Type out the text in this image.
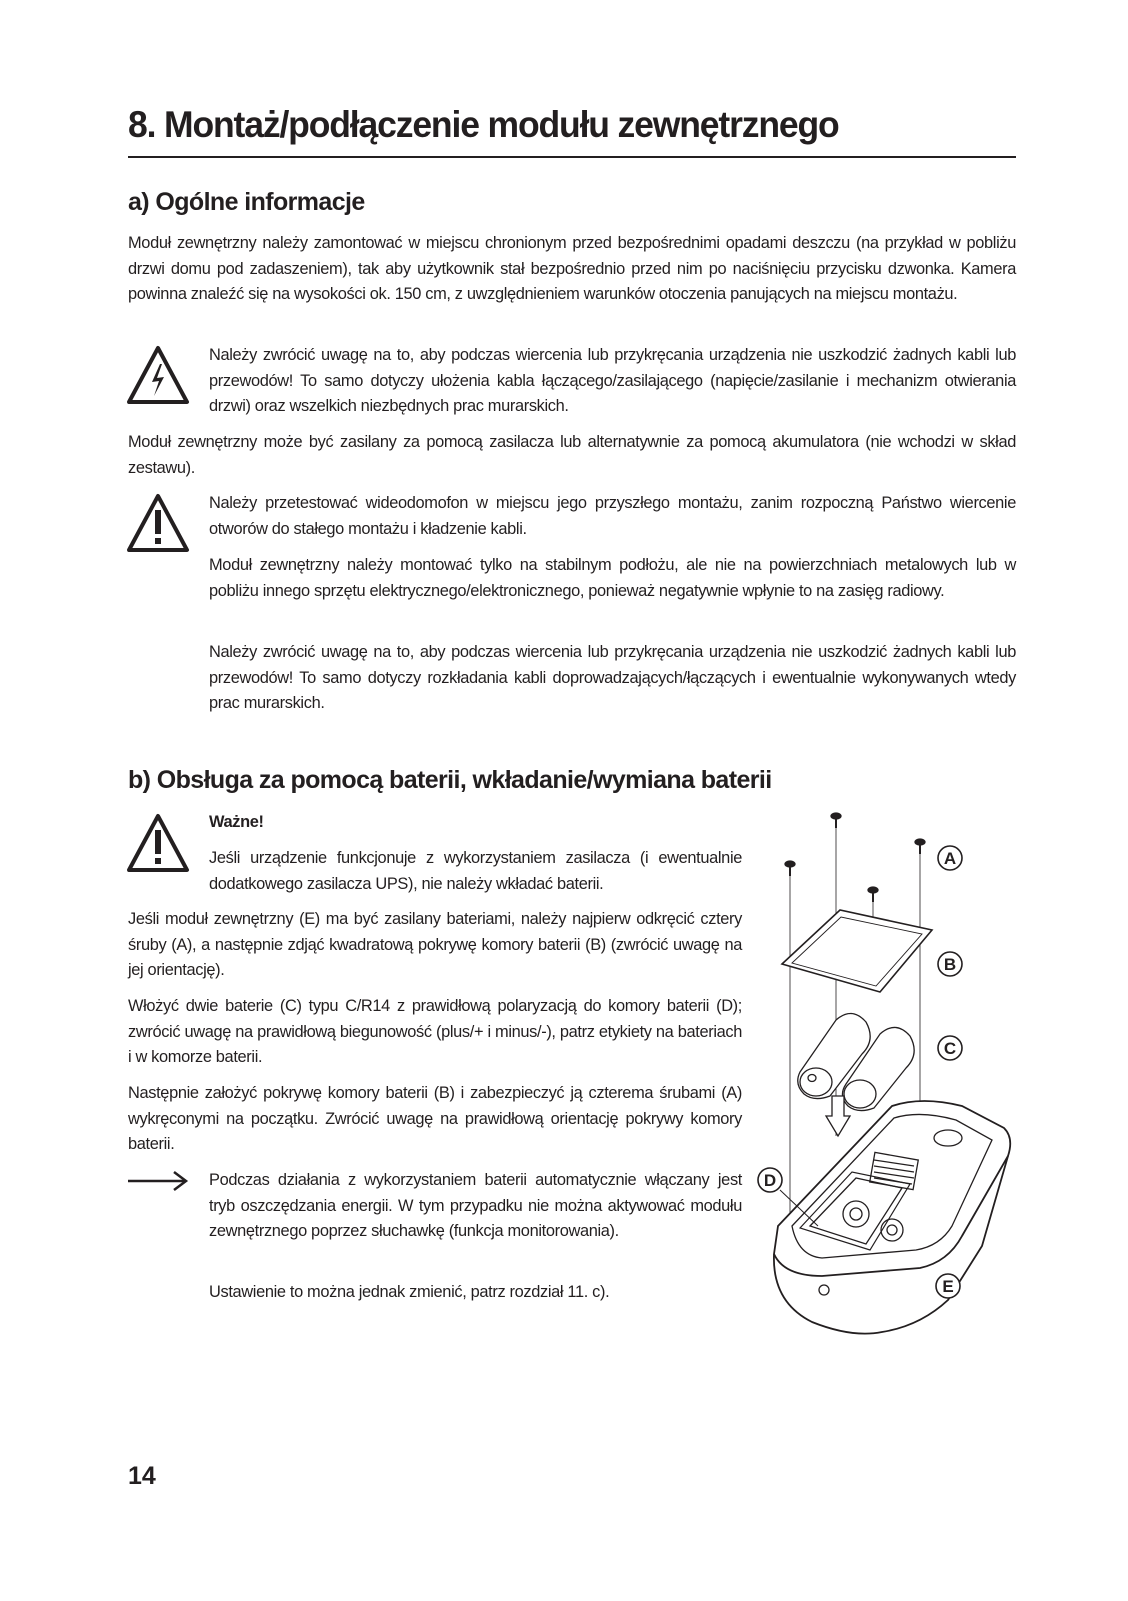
8. Montaż/podłączenie modułu zewnętrznego
a) Ogólne informacje

Moduł zewnętrzny należy zamontować w miejscu chronionym przed bezpośrednimi opadami deszczu (na przykład w pobliżu drzwi domu pod zadaszeniem), tak aby użytkownik stał bezpośrednio przed nim po naciśnięciu przycisku dzwonka. Kamera powinna znaleźć się na wysokości ok. 150 cm, z uwzględnieniem warunków otoczenia panujących na miejscu montażu.

Należy zwrócić uwagę na to, aby podczas wiercenia lub przykręcania urządzenia nie uszkodzić żadnych kabli lub przewodów! To samo dotyczy ułożenia kabla łączącego/zasilającego (napięcie/zasilanie i mechanizm otwierania drzwi) oraz wszelkich niezbędnych prac murarskich.

Moduł zewnętrzny może być zasilany za pomocą zasilacza lub alternatywnie za pomocą akumulatora (nie wchodzi w skład zestawu).

Należy przetestować wideodomofon w miejscu jego przyszłego montażu, zanim rozpoczną Państwo wiercenie otworów do stałego montażu i kładzenie kabli.

Moduł zewnętrzny należy montować tylko na stabilnym podłożu, ale nie na powierzchniach metalowych lub w pobliżu innego sprzętu elektrycznego/elektronicznego, ponieważ negatywnie wpłynie to na zasięg radiowy.

Należy zwrócić uwagę na to, aby podczas wiercenia lub przykręcania urządzenia nie uszkodzić żadnych kabli lub przewodów! To samo dotyczy rozkładania kabli doprowadzających/łączących i ewentualnie wykonywanych wtedy prac murarskich.

b) Obsługa za pomocą baterii, wkładanie/wymiana baterii

Ważne!

Jeśli urządzenie funkcjonuje z wykorzystaniem zasilacza (i ewentualnie dodatkowego zasilacza UPS), nie należy wkładać baterii.

Jeśli moduł zewnętrzny (E) ma być zasilany bateriami, należy najpierw odkręcić cztery śruby (A), a następnie zdjąć kwadratową pokrywę komory baterii (B) (zwrócić uwagę na jej orientację).

Włożyć dwie baterie (C) typu C/R14 z prawidłową polaryzacją do komory baterii (D); zwrócić uwagę na prawidłową biegunowość (plus/+ i minus/-), patrz etykiety na bateriach i w komorze baterii.

Następnie założyć pokrywę komory baterii (B) i zabezpieczyć ją czterema śrubami (A) wykręconymi na początku. Zwrócić uwagę na prawidłową orientację pokrywy komory baterii.

Podczas działania z wykorzystaniem baterii automatycznie włączany jest tryb oszczędzania energii. W tym przypadku nie można aktywować modułu zewnętrznego poprzez słuchawkę (funkcja monitorowania).

Ustawienie to można jednak zmienić, patrz rozdział 11. c).

A
B
C
D
E
14
